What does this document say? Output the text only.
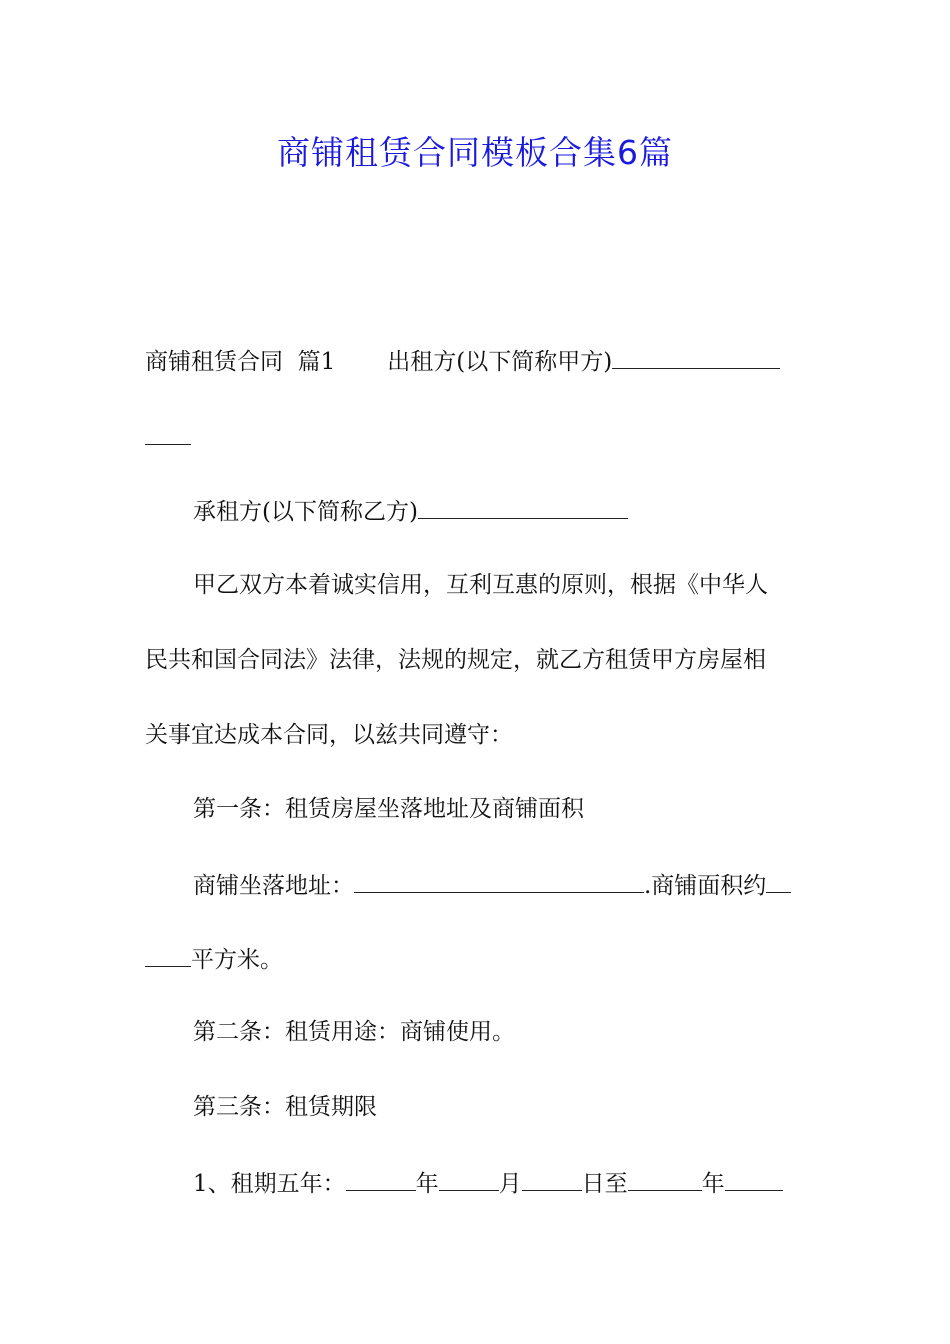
商铺租赁合同模板合集6篇
商铺租赁合同  篇1 出租方(以下简称甲方)
承租方(以下简称乙方)
甲乙双方本着诚实信用，互利互惠的原则，根据《中华人
民共和国合同法》法律，法规的规定，就乙方租赁甲方房屋相
关事宜达成本合同，以兹共同遵守：
第一条：租赁房屋坐落地址及商铺面积
商铺坐落地址：	.商铺面积约
平方米。
第二条：租赁用途：商铺使用。
第三条：租赁期限
1、租期五年：	年	月	日至	年
